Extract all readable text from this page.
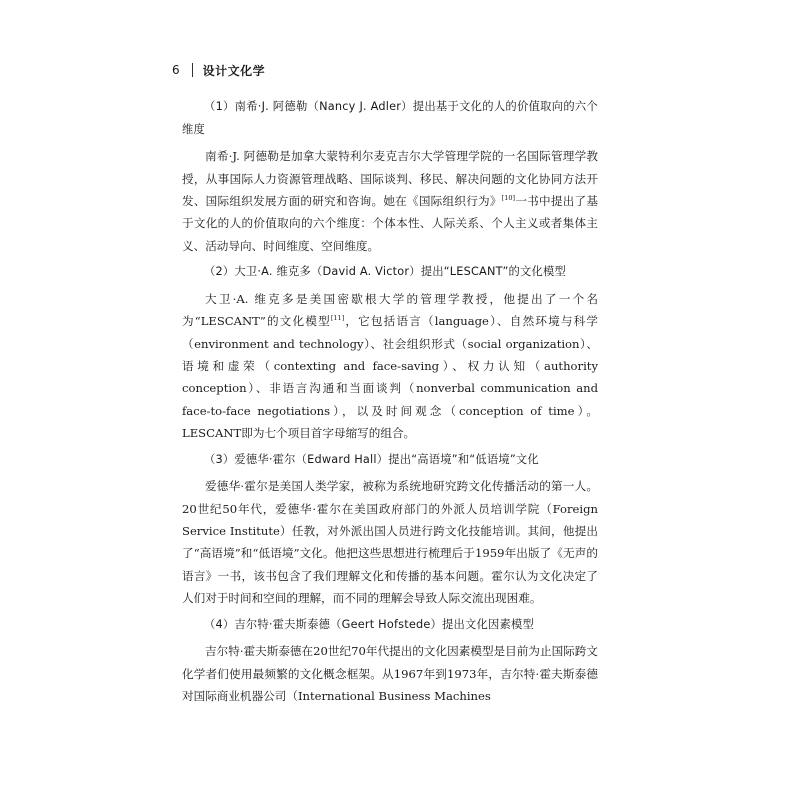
6 设计文化学

（1）南希·J. 阿德勒（Nancy J. Adler）提出基于文化的人的价值取向的六个维度

南希·J. 阿德勒是加拿大蒙特利尔麦克吉尔大学管理学院的一名国际管理学教授，从事国际人力资源管理战略、国际谈判、移民、解决问题的文化协同方法开发、国际组织发展方面的研究和咨询。她在《国际组织行为》[10]一书中提出了基于文化的人的价值取向的六个维度：个体本性、人际关系、个人主义或者集体主义、活动导向、时间维度、空间维度。

（2）大卫·A. 维克多（David A. Victor）提出“LESCANT”的文化模型

大卫·A. 维克多是美国密歇根大学的管理学教授，他提出了一个名为“LESCANT”的文化模型[11]，它包括语言（language）、自然环境与科学（environment and technology）、社会组织形式（social organization）、语境和虚荣（contexting and face-saving）、权力认知（authority conception）、非语言沟通和当面谈判（nonverbal communication and face-to-face negotiations），以及时间观念（conception of time）。LESCANT即为七个项目首字母缩写的组合。

（3）爱德华·霍尔（Edward Hall）提出“高语境”和“低语境”文化

爱德华·霍尔是美国人类学家，被称为系统地研究跨文化传播活动的第一人。20世纪50年代，爱德华·霍尔在美国政府部门的外派人员培训学院（Foreign Service Institute）任教，对外派出国人员进行跨文化技能培训。其间，他提出了“高语境”和“低语境”文化。他把这些思想进行梳理后于1959年出版了《无声的语言》一书，该书包含了我们理解文化和传播的基本问题。霍尔认为文化决定了人们对于时间和空间的理解，而不同的理解会导致人际交流出现困难。

（4）吉尔特·霍夫斯泰德（Geert Hofstede）提出文化因素模型

吉尔特·霍夫斯泰德在20世纪70年代提出的文化因素模型是目前为止国际跨文化学者们使用最频繁的文化概念框架。从1967年到1973年，吉尔特·霍夫斯泰德对国际商业机器公司（International Business Machines
